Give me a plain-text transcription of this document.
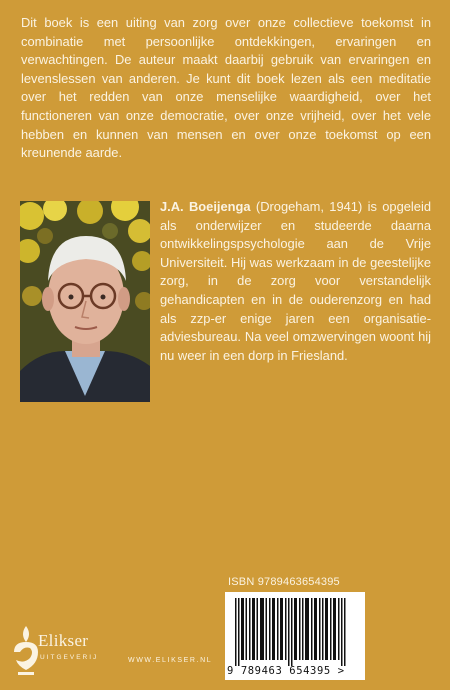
Dit boek is een uiting van zorg over onze collectieve toekomst in combinatie met persoonlijke ontdekkingen, ervaringen en verwachtingen. De auteur maakt daarbij gebruik van ervaringen en levenslessen van anderen. Je kunt dit boek lezen als een meditatie over het redden van onze menselijke waardigheid, over het functioneren van onze democratie, over onze vrijheid, over het vele hebben en kunnen van mensen en over onze toekomst op een kreunende aarde.

J.A. Boeijenga (Drogeham, 1941) is opgeleid als onderwijzer en studeerde daarna ontwikkelingspsychologie aan de Vrije Universiteit. Hij was werkzaam in de geestelijke zorg, in de zorg voor verstandelijk gehandicapten en in de ouderenzorg en had als zzp-er enige jaren een organisatie-adviesbureau. Na veel omzwervingen woont hij nu weer in een dorp in Friesland.

ISBN 9789463654395
9 789463 654395 >
Elikser
UITGEVERIJ	WWW.ELIKSER.NL
